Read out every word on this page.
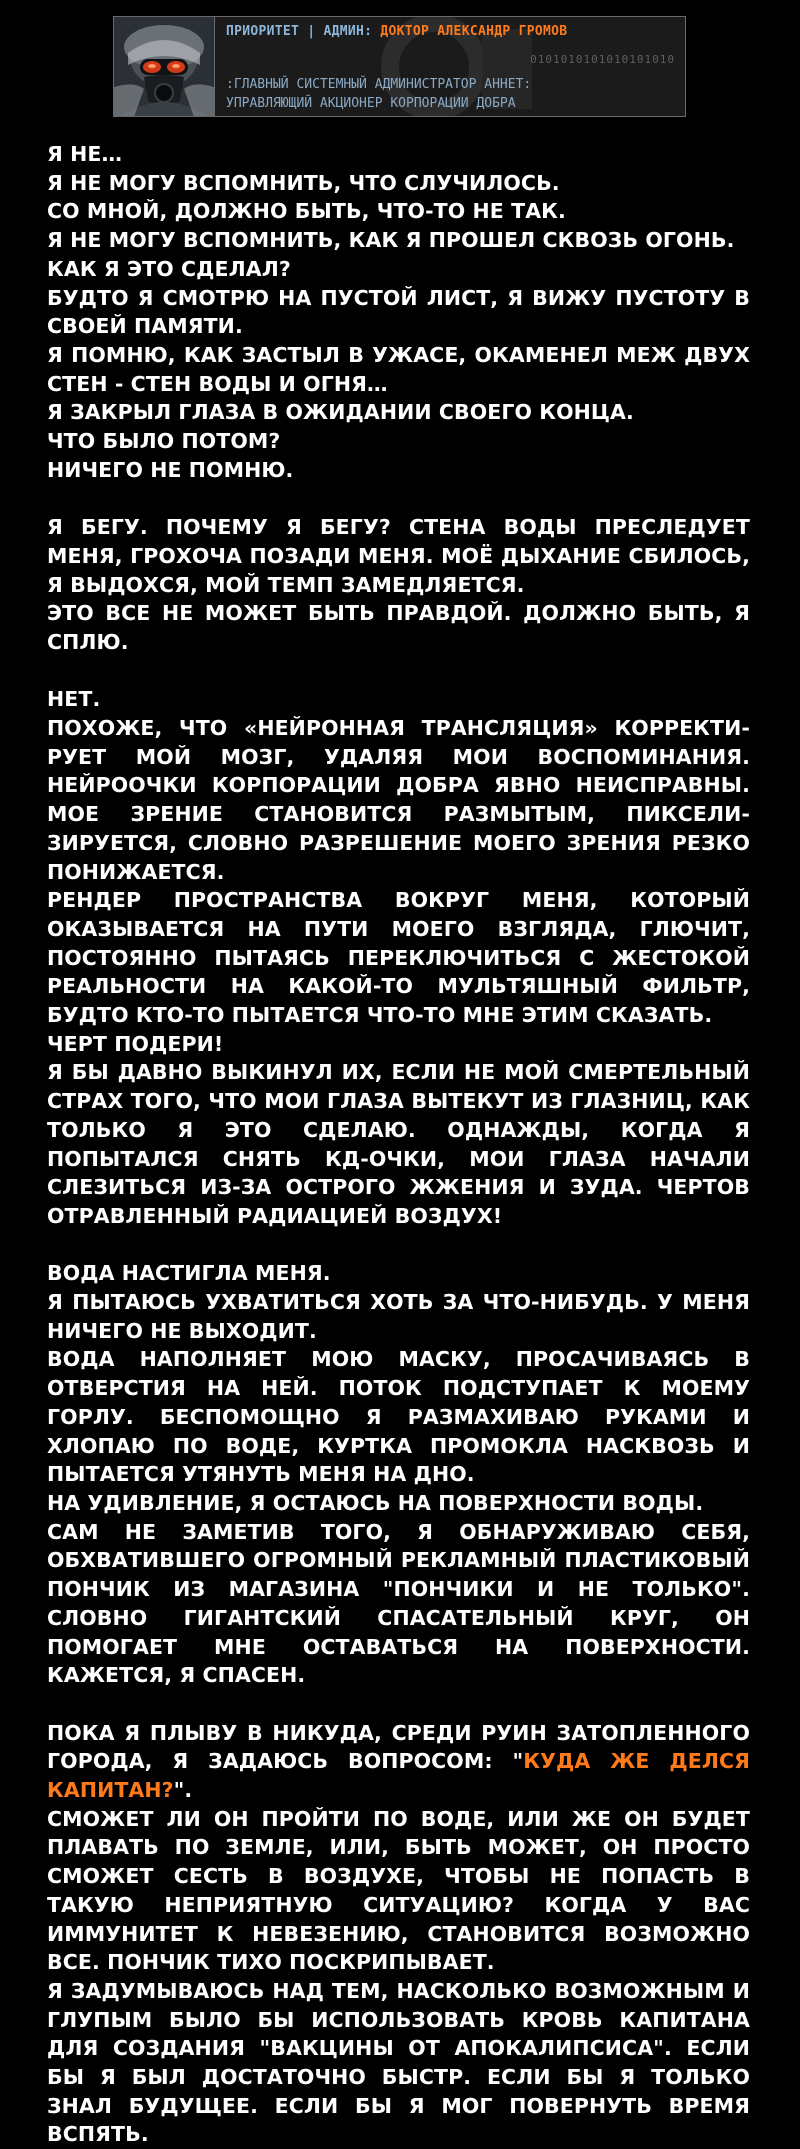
ПРИОРИТЕТ | АДМИН: ДОКТОР АЛЕКСАНДР ГРОМОВ
0101010101010101010
:ГЛАВНЫЙ СИСТЕМНЫЙ АДМИНИСТРАТОР АННЕТ:
УПРАВЛЯЮЩИЙ АКЦИОНЕР КОРПОРАЦИИ ДОБРА

Я НЕ…

Я НЕ МОГУ ВСПОМНИТЬ, ЧТО СЛУЧИЛОСЬ.

СО МНОЙ, ДОЛЖНО БЫТЬ, ЧТО-ТО НЕ ТАК.

Я НЕ МОГУ ВСПОМНИТЬ, КАК Я ПРОШЕЛ СКВОЗЬ ОГОНЬ.

КАК Я ЭТО СДЕЛАЛ?

БУДТО Я СМОТРЮ НА ПУСТОЙ ЛИСТ, Я ВИЖУ ПУСТОТУ В СВОЕЙ ПАМЯТИ.

Я ПОМНЮ, КАК ЗАСТЫЛ В УЖАСЕ, ОКАМЕНЕЛ МЕЖ ДВУХ СТЕН - СТЕН ВОДЫ И ОГНЯ…

Я ЗАКРЫЛ ГЛАЗА В ОЖИДАНИИ СВОЕГО КОНЦА.

ЧТО БЫЛО ПОТОМ?

НИЧЕГО НЕ ПОМНЮ.

Я БЕГУ. ПОЧЕМУ Я БЕГУ? СТЕНА ВОДЫ ПРЕСЛЕДУЕТ МЕНЯ, ГРОХОЧА ПОЗАДИ МЕНЯ. МОЁ ДЫХАНИЕ СБИЛОСЬ, Я ВЫДОХСЯ, МОЙ ТЕМП ЗАМЕДЛЯЕТСЯ.

ЭТО ВСЕ НЕ МОЖЕТ БЫТЬ ПРАВДОЙ. ДОЛЖНО БЫТЬ, Я СПЛЮ.

НЕТ.

ПОХОЖЕ, ЧТО «НЕЙРОННАЯ ТРАНСЛЯЦИЯ» КОРРЕКТИ-РУЕТ МОЙ МОЗГ, УДАЛЯЯ МОИ ВОСПОМИНАНИЯ. НЕЙРООЧКИ КОРПОРАЦИИ ДОБРА ЯВНО НЕИСПРАВНЫ. МОЕ ЗРЕНИЕ СТАНОВИТСЯ РАЗМЫТЫМ, ПИКСЕЛИ-ЗИРУЕТСЯ, СЛОВНО РАЗРЕШЕНИЕ МОЕГО ЗРЕНИЯ РЕЗКО ПОНИЖАЕТСЯ.

РЕНДЕР ПРОСТРАНСТВА ВОКРУГ МЕНЯ, КОТОРЫЙ ОКАЗЫВАЕТСЯ НА ПУТИ МОЕГО ВЗГЛЯДА, ГЛЮЧИТ, ПОСТОЯННО ПЫТАЯСЬ ПЕРЕКЛЮЧИТЬСЯ С ЖЕСТОКОЙ РЕАЛЬНОСТИ НА КАКОЙ-ТО МУЛЬТЯШНЫЙ ФИЛЬТР, БУДТО КТО-ТО ПЫТАЕТСЯ ЧТО-ТО МНЕ ЭТИМ СКАЗАТЬ.

ЧЕРТ ПОДЕРИ!

Я БЫ ДАВНО ВЫКИНУЛ ИХ, ЕСЛИ НЕ МОЙ СМЕРТЕЛЬНЫЙ СТРАХ ТОГО, ЧТО МОИ ГЛАЗА ВЫТЕКУТ ИЗ ГЛАЗНИЦ, КАК ТОЛЬКО Я ЭТО СДЕЛАЮ. ОДНАЖДЫ, КОГДА Я ПОПЫТАЛСЯ СНЯТЬ КД-ОЧКИ, МОИ ГЛАЗА НАЧАЛИ СЛЕЗИТЬСЯ ИЗ-ЗА ОСТРОГО ЖЖЕНИЯ И ЗУДА. ЧЕРТОВ ОТРАВЛЕННЫЙ РАДИАЦИЕЙ ВОЗДУХ!

ВОДА НАСТИГЛА МЕНЯ.

Я ПЫТАЮСЬ УХВАТИТЬСЯ ХОТЬ ЗА ЧТО-НИБУДЬ. У МЕНЯ НИЧЕГО НЕ ВЫХОДИТ.

ВОДА НАПОЛНЯЕТ МОЮ МАСКУ, ПРОСАЧИВАЯСЬ В ОТВЕРСТИЯ НА НЕЙ. ПОТОК ПОДСТУПАЕТ К МОЕМУ ГОРЛУ. БЕСПОМОЩНО Я РАЗМАХИВАЮ РУКАМИ И ХЛОПАЮ ПО ВОДЕ, КУРТКА ПРОМОКЛА НАСКВОЗЬ И ПЫТАЕТСЯ УТЯНУТЬ МЕНЯ НА ДНО.

НА УДИВЛЕНИЕ, Я ОСТАЮСЬ НА ПОВЕРХНОСТИ ВОДЫ.

САМ НЕ ЗАМЕТИВ ТОГО, Я ОБНАРУЖИВАЮ СЕБЯ, ОБХВАТИВШЕГО ОГРОМНЫЙ РЕКЛАМНЫЙ ПЛАСТИКОВЫЙ ПОНЧИК ИЗ МАГАЗИНА "ПОНЧИКИ И НЕ ТОЛЬКО". СЛОВНО ГИГАНТСКИЙ СПАСАТЕЛЬНЫЙ КРУГ, ОН ПОМОГАЕТ МНЕ ОСТАВАТЬСЯ НА ПОВЕРХНОСТИ. КАЖЕТСЯ, Я СПАСЕН.

ПОКА Я ПЛЫВУ В НИКУДА, СРЕДИ РУИН ЗАТОПЛЕННОГО ГОРОДА, Я ЗАДАЮСЬ ВОПРОСОМ: "КУДА ЖЕ ДЕЛСЯ КАПИТАН?".

СМОЖЕТ ЛИ ОН ПРОЙТИ ПО ВОДЕ, ИЛИ ЖЕ ОН БУДЕТ ПЛАВАТЬ ПО ЗЕМЛЕ, ИЛИ, БЫТЬ МОЖЕТ, ОН ПРОСТО СМОЖЕТ СЕСТЬ В ВОЗДУХЕ, ЧТОБЫ НЕ ПОПАСТЬ В ТАКУЮ НЕПРИЯТНУЮ СИТУАЦИЮ? КОГДА У ВАС ИММУНИТЕТ К НЕВЕЗЕНИЮ, СТАНОВИТСЯ ВОЗМОЖНО ВСЕ. ПОНЧИК ТИХО ПОСКРИПЫВАЕТ.

Я ЗАДУМЫВАЮСЬ НАД ТЕМ, НАСКОЛЬКО ВОЗМОЖНЫМ И ГЛУПЫМ БЫЛО БЫ ИСПОЛЬЗОВАТЬ КРОВЬ КАПИТАНА ДЛЯ СОЗДАНИЯ "ВАКЦИНЫ ОТ АПОКАЛИПСИСА". ЕСЛИ БЫ Я БЫЛ ДОСТАТОЧНО БЫСТР. ЕСЛИ БЫ Я ТОЛЬКО ЗНАЛ БУДУЩЕЕ. ЕСЛИ БЫ Я МОГ ПОВЕРНУТЬ ВРЕМЯ ВСПЯТЬ.
